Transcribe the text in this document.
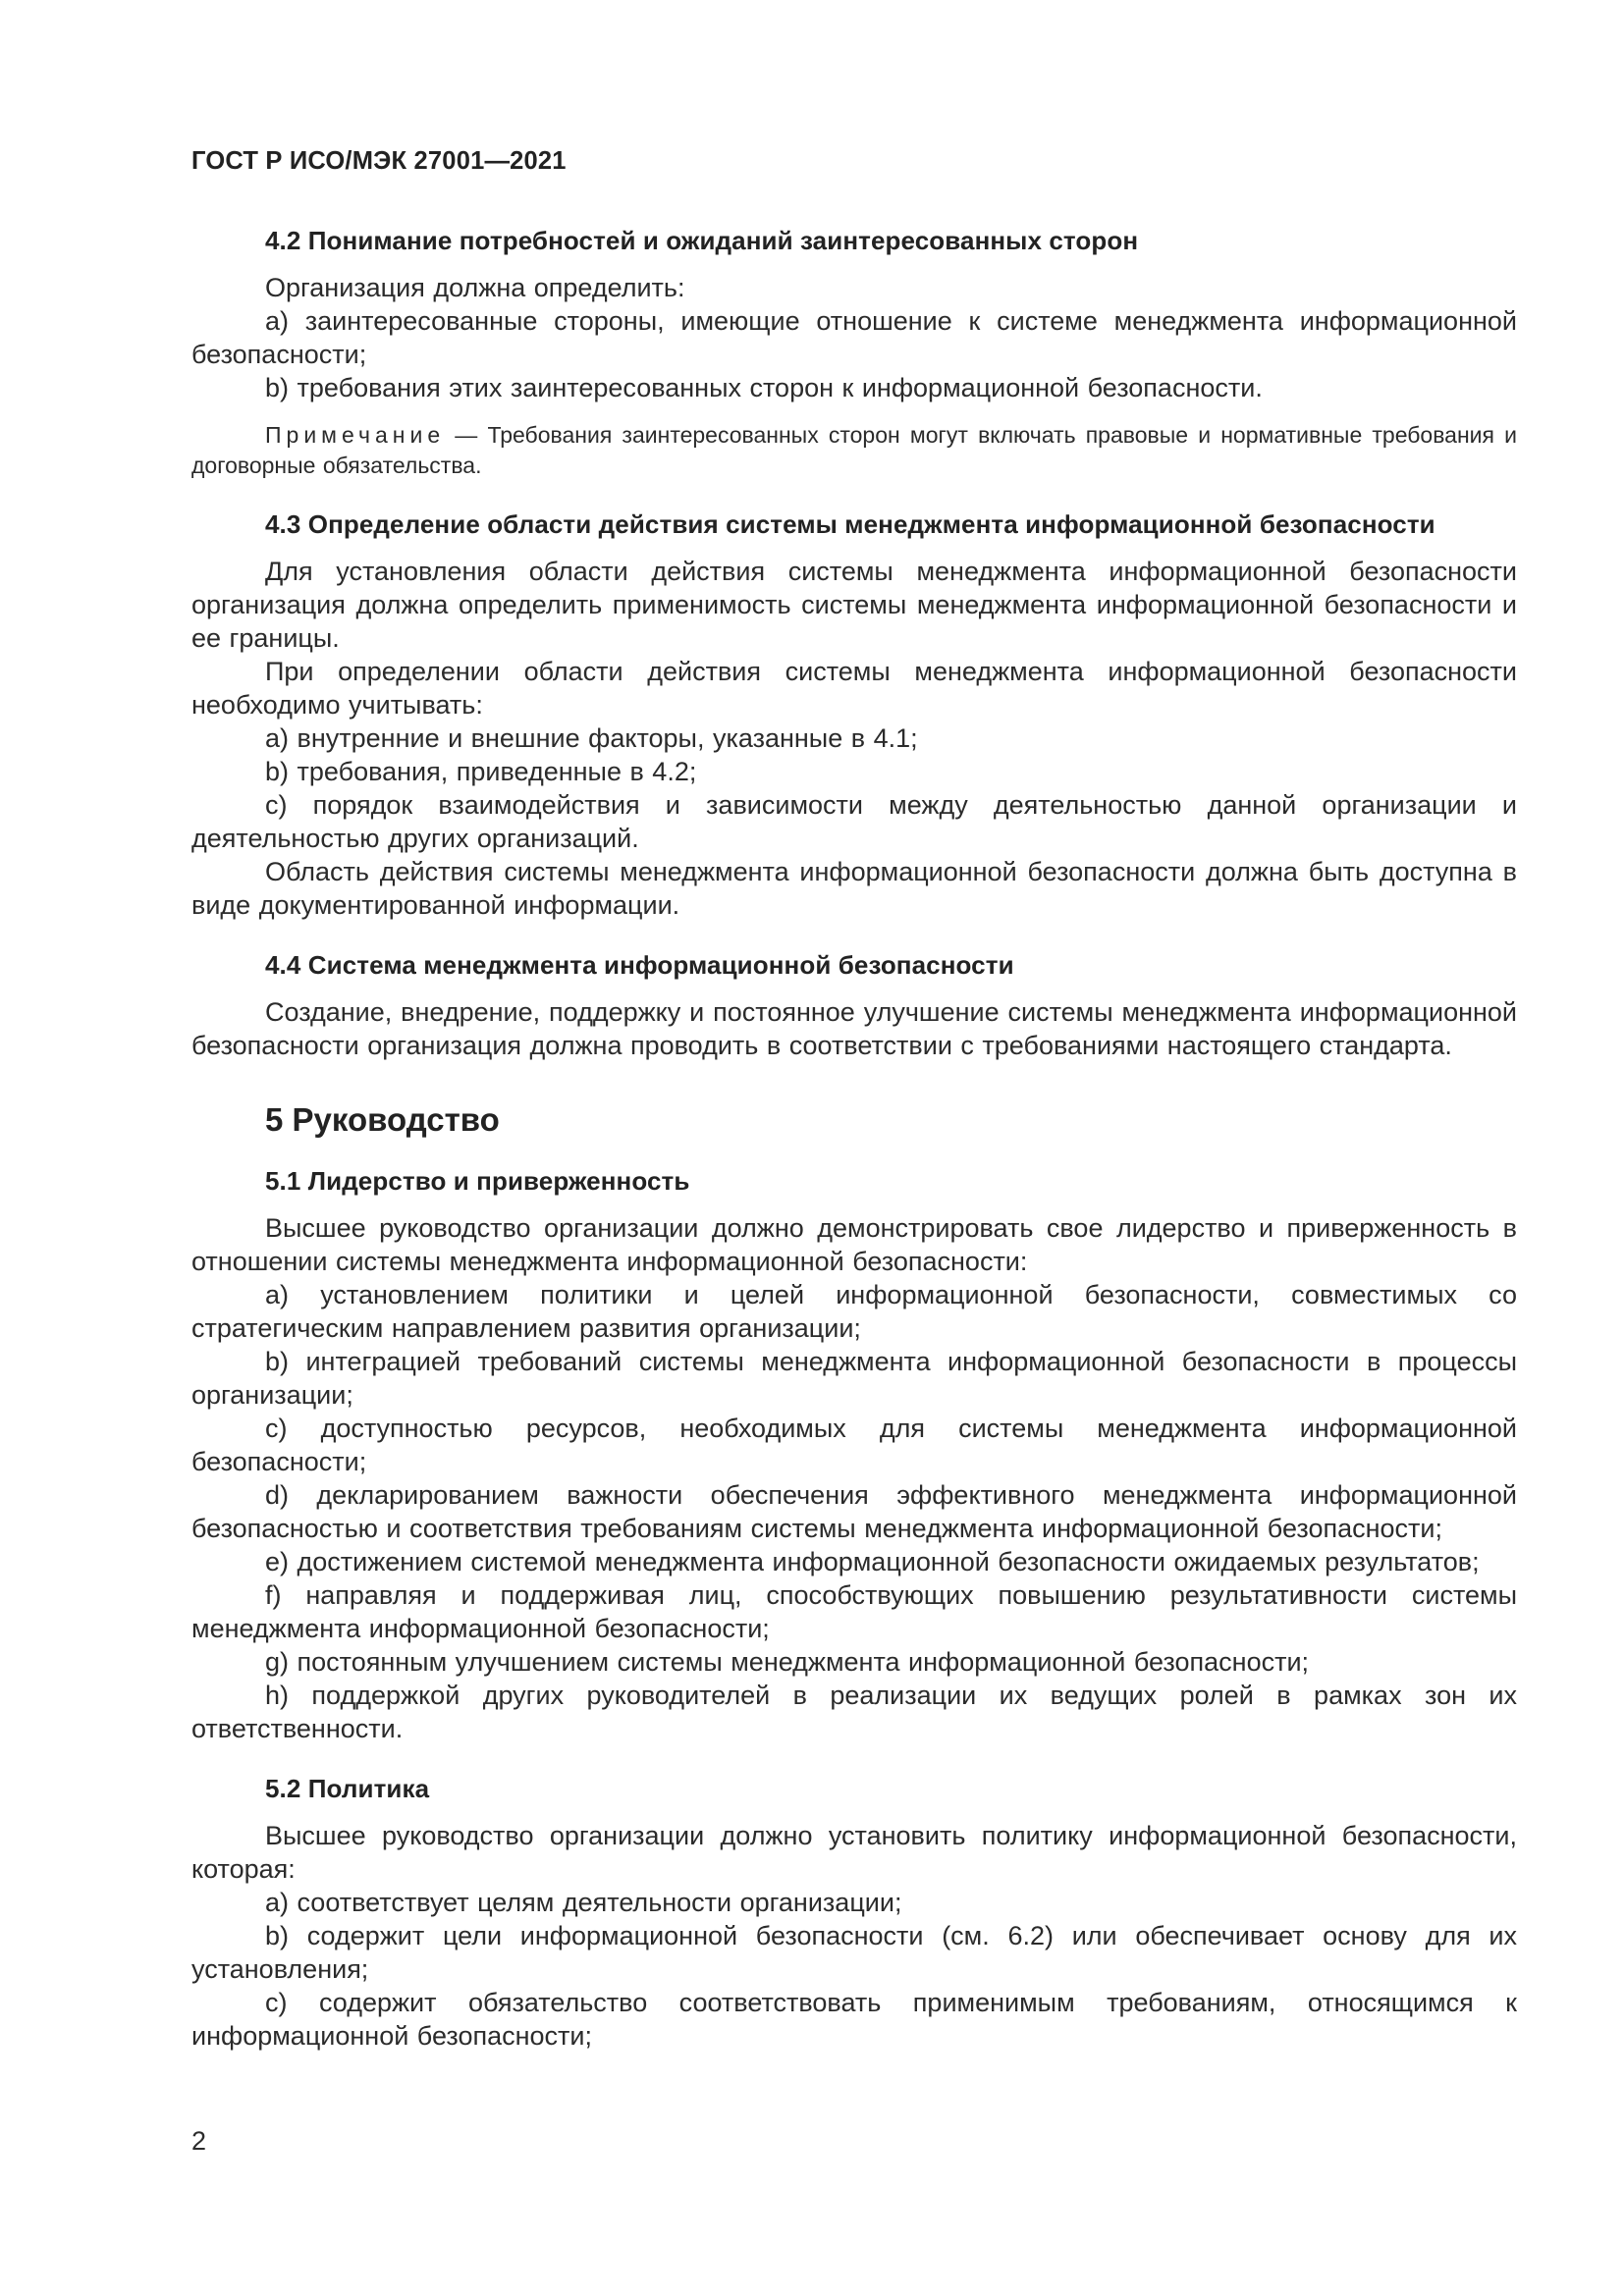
ГОСТ Р ИСО/МЭК 27001—2021
4.2 Понимание потребностей и ожиданий заинтересованных сторон

Организация должна определить:

a) заинтересованные стороны, имеющие отношение к системе менеджмента информационной безопасности;

b) требования этих заинтересованных сторон к информационной безопасности.

Примечание — Требования заинтересованных сторон могут включать правовые и нормативные требования и договорные обязательства.

4.3 Определение области действия системы менеджмента информационной безопасности

Для установления области действия системы менеджмента информационной безопасности организация должна определить применимость системы менеджмента информационной безопасности и ее границы.

При определении области действия системы менеджмента информационной безопасности необходимо учитывать:

a) внутренние и внешние факторы, указанные в 4.1;

b) требования, приведенные в 4.2;

c) порядок взаимодействия и зависимости между деятельностью данной организации и деятельностью других организаций.

Область действия системы менеджмента информационной безопасности должна быть доступна в виде документированной информации.

4.4 Система менеджмента информационной безопасности

Создание, внедрение, поддержку и постоянное улучшение системы менеджмента информационной безопасности организация должна проводить в соответствии с требованиями настоящего стандарта.

5 Руководство
5.1 Лидерство и приверженность

Высшее руководство организации должно демонстрировать свое лидерство и приверженность в отношении системы менеджмента информационной безопасности:

a) установлением политики и целей информационной безопасности, совместимых со стратегическим направлением развития организации;

b) интеграцией требований системы менеджмента информационной безопасности в процессы организации;

c) доступностью ресурсов, необходимых для системы менеджмента информационной безопасности;

d) декларированием важности обеспечения эффективного менеджмента информационной безопасностью и соответствия требованиям системы менеджмента информационной безопасности;

e) достижением системой менеджмента информационной безопасности ожидаемых результатов;

f) направляя и поддерживая лиц, способствующих повышению результативности системы менеджмента информационной безопасности;

g) постоянным улучшением системы менеджмента информационной безопасности;

h) поддержкой других руководителей в реализации их ведущих ролей в рамках зон их ответственности.

5.2 Политика

Высшее руководство организации должно установить политику информационной безопасности, которая:

a) соответствует целям деятельности организации;

b) содержит цели информационной безопасности (см. 6.2) или обеспечивает основу для их установления;

c) содержит обязательство соответствовать применимым требованиям, относящимся к информационной безопасности;

2
